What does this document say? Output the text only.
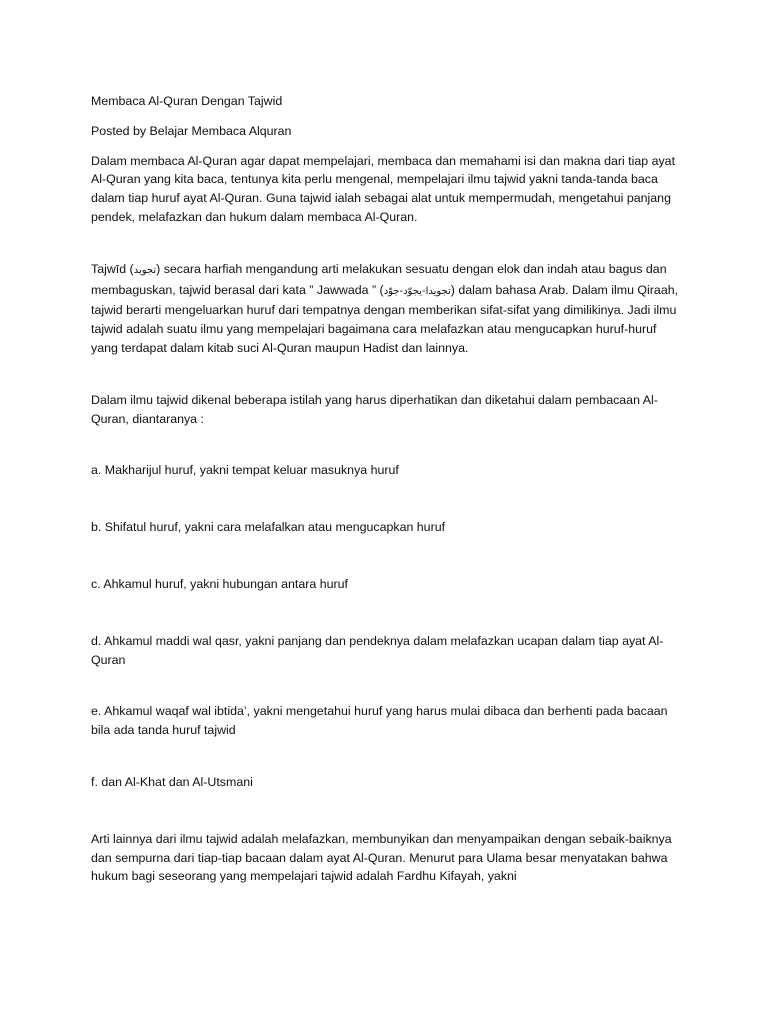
Membaca Al-Quran Dengan Tajwid

Posted by Belajar Membaca Alquran

Dalam membaca Al-Quran agar dapat mempelajari, membaca dan memahami isi dan makna dari tiap ayat Al-Quran yang kita baca, tentunya kita perlu mengenal, mempelajari ilmu tajwid yakni tanda-tanda baca dalam tiap huruf ayat Al-Quran. Guna tajwid ialah sebagai alat untuk mempermudah, mengetahui panjang pendek, melafazkan dan hukum dalam membaca Al-Quran.

Tajwīd (تجويد) secara harfiah mengandung arti melakukan sesuatu dengan elok dan indah atau bagus dan membaguskan, tajwid berasal dari kata ” Jawwada ” (تجويدا-يجوّد-جوّد) dalam bahasa Arab. Dalam ilmu Qiraah, tajwid berarti mengeluarkan huruf dari tempatnya dengan memberikan sifat-sifat yang dimilikinya. Jadi ilmu tajwid adalah suatu ilmu yang mempelajari bagaimana cara melafazkan atau mengucapkan huruf-huruf yang terdapat dalam kitab suci Al-Quran maupun Hadist dan lainnya.

Dalam ilmu tajwid dikenal beberapa istilah yang harus diperhatikan dan diketahui dalam pembacaan Al-Quran, diantaranya :

a. Makharijul huruf, yakni tempat keluar masuknya huruf

b. Shifatul huruf, yakni cara melafalkan atau mengucapkan huruf

c. Ahkamul huruf, yakni hubungan antara huruf

d. Ahkamul maddi wal qasr, yakni panjang dan pendeknya dalam melafazkan ucapan dalam tiap ayat Al-Quran

e. Ahkamul waqaf wal ibtida’, yakni mengetahui huruf yang harus mulai dibaca dan berhenti pada bacaan bila ada tanda huruf tajwid

f. dan Al-Khat dan Al-Utsmani

Arti lainnya dari ilmu tajwid adalah melafazkan, membunyikan dan menyampaikan dengan sebaik-baiknya dan sempurna dari tiap-tiap bacaan dalam ayat Al-Quran. Menurut para Ulama besar menyatakan bahwa hukum bagi seseorang yang mempelajari tajwid adalah Fardhu Kifayah, yakni
